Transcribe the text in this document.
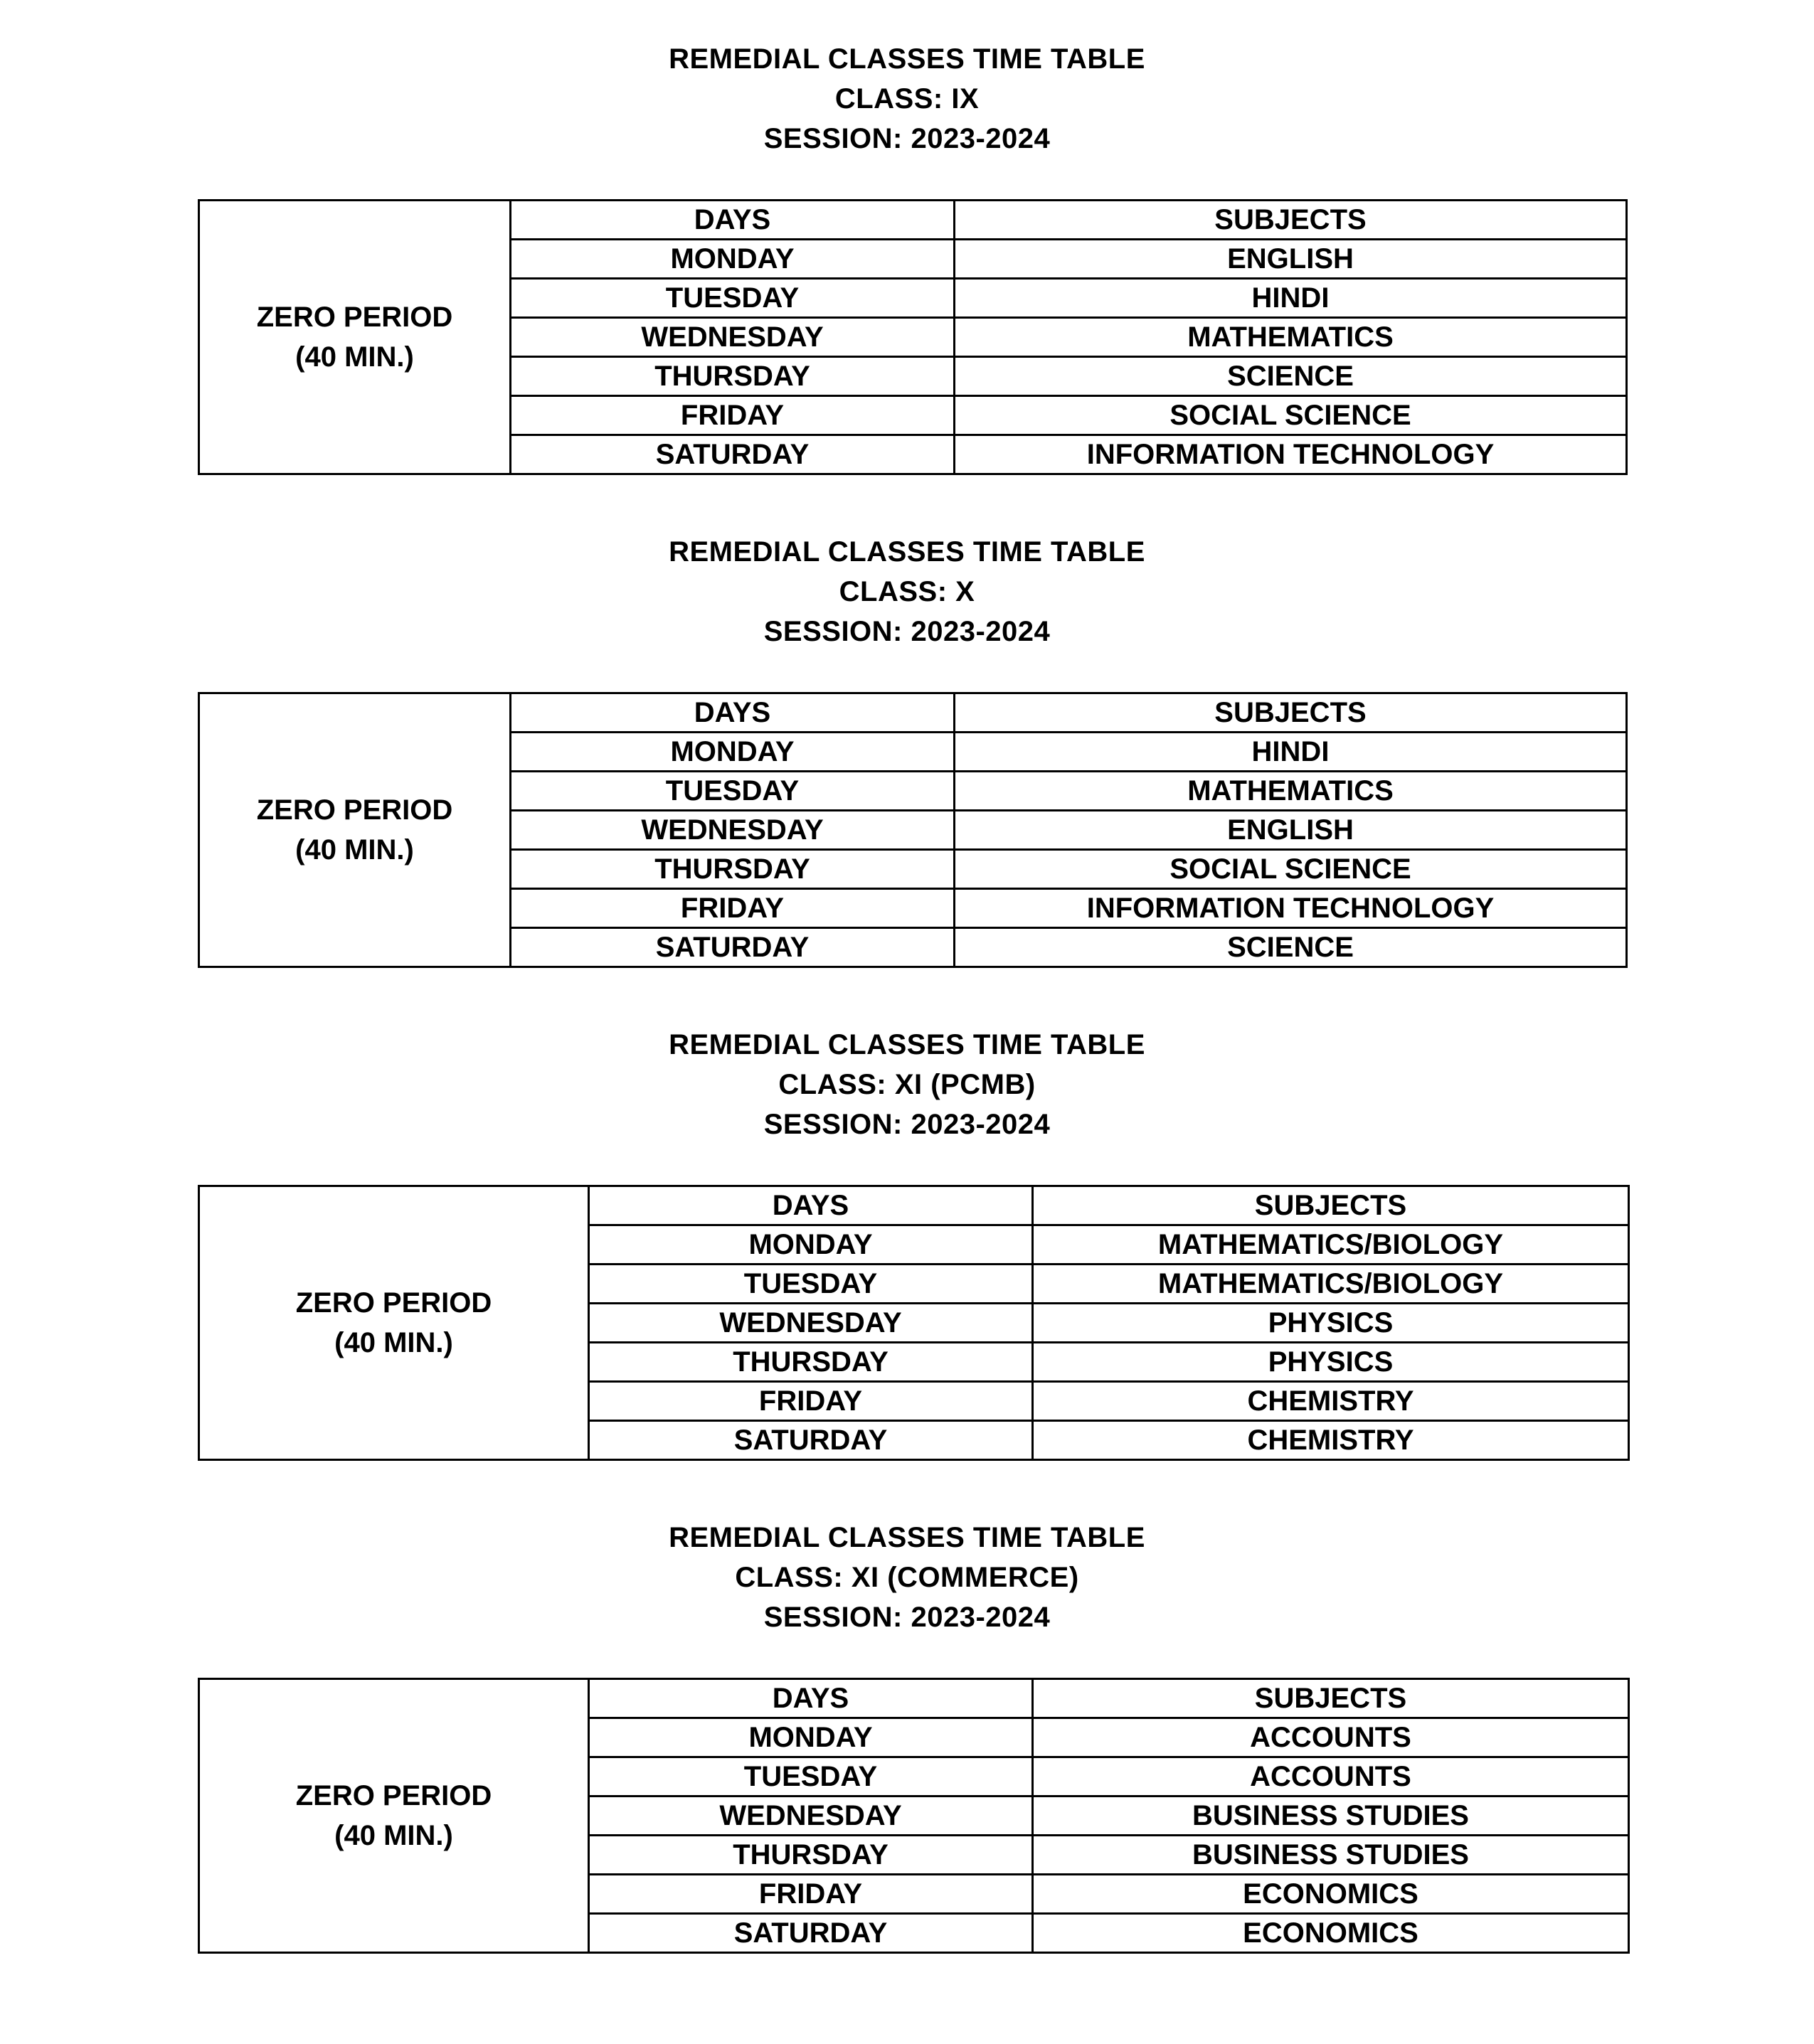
REMEDIAL CLASSES TIME TABLE
CLASS: IX
SESSION: 2023-2024
ZERO PERIOD
(40 MIN.)	DAYS	SUBJECTS
	MONDAY	ENGLISH
	TUESDAY	HINDI
	WEDNESDAY	MATHEMATICS
	THURSDAY	SCIENCE
	FRIDAY	SOCIAL SCIENCE
	SATURDAY	INFORMATION TECHNOLOGY
REMEDIAL CLASSES TIME TABLE
CLASS: X
SESSION: 2023-2024
ZERO PERIOD
(40 MIN.)	DAYS	SUBJECTS
	MONDAY	HINDI
	TUESDAY	MATHEMATICS
	WEDNESDAY	ENGLISH
	THURSDAY	SOCIAL SCIENCE
	FRIDAY	INFORMATION TECHNOLOGY
	SATURDAY	SCIENCE
REMEDIAL CLASSES TIME TABLE
CLASS: XI (PCMB)
SESSION: 2023-2024
ZERO PERIOD
(40 MIN.)	DAYS	SUBJECTS
	MONDAY	MATHEMATICS/BIOLOGY
	TUESDAY	MATHEMATICS/BIOLOGY
	WEDNESDAY	PHYSICS
	THURSDAY	PHYSICS
	FRIDAY	CHEMISTRY
	SATURDAY	CHEMISTRY
REMEDIAL CLASSES TIME TABLE
CLASS: XI (COMMERCE)
SESSION: 2023-2024
ZERO PERIOD
(40 MIN.)	DAYS	SUBJECTS
	MONDAY	ACCOUNTS
	TUESDAY	ACCOUNTS
	WEDNESDAY	BUSINESS STUDIES
	THURSDAY	BUSINESS STUDIES
	FRIDAY	ECONOMICS
	SATURDAY	ECONOMICS
